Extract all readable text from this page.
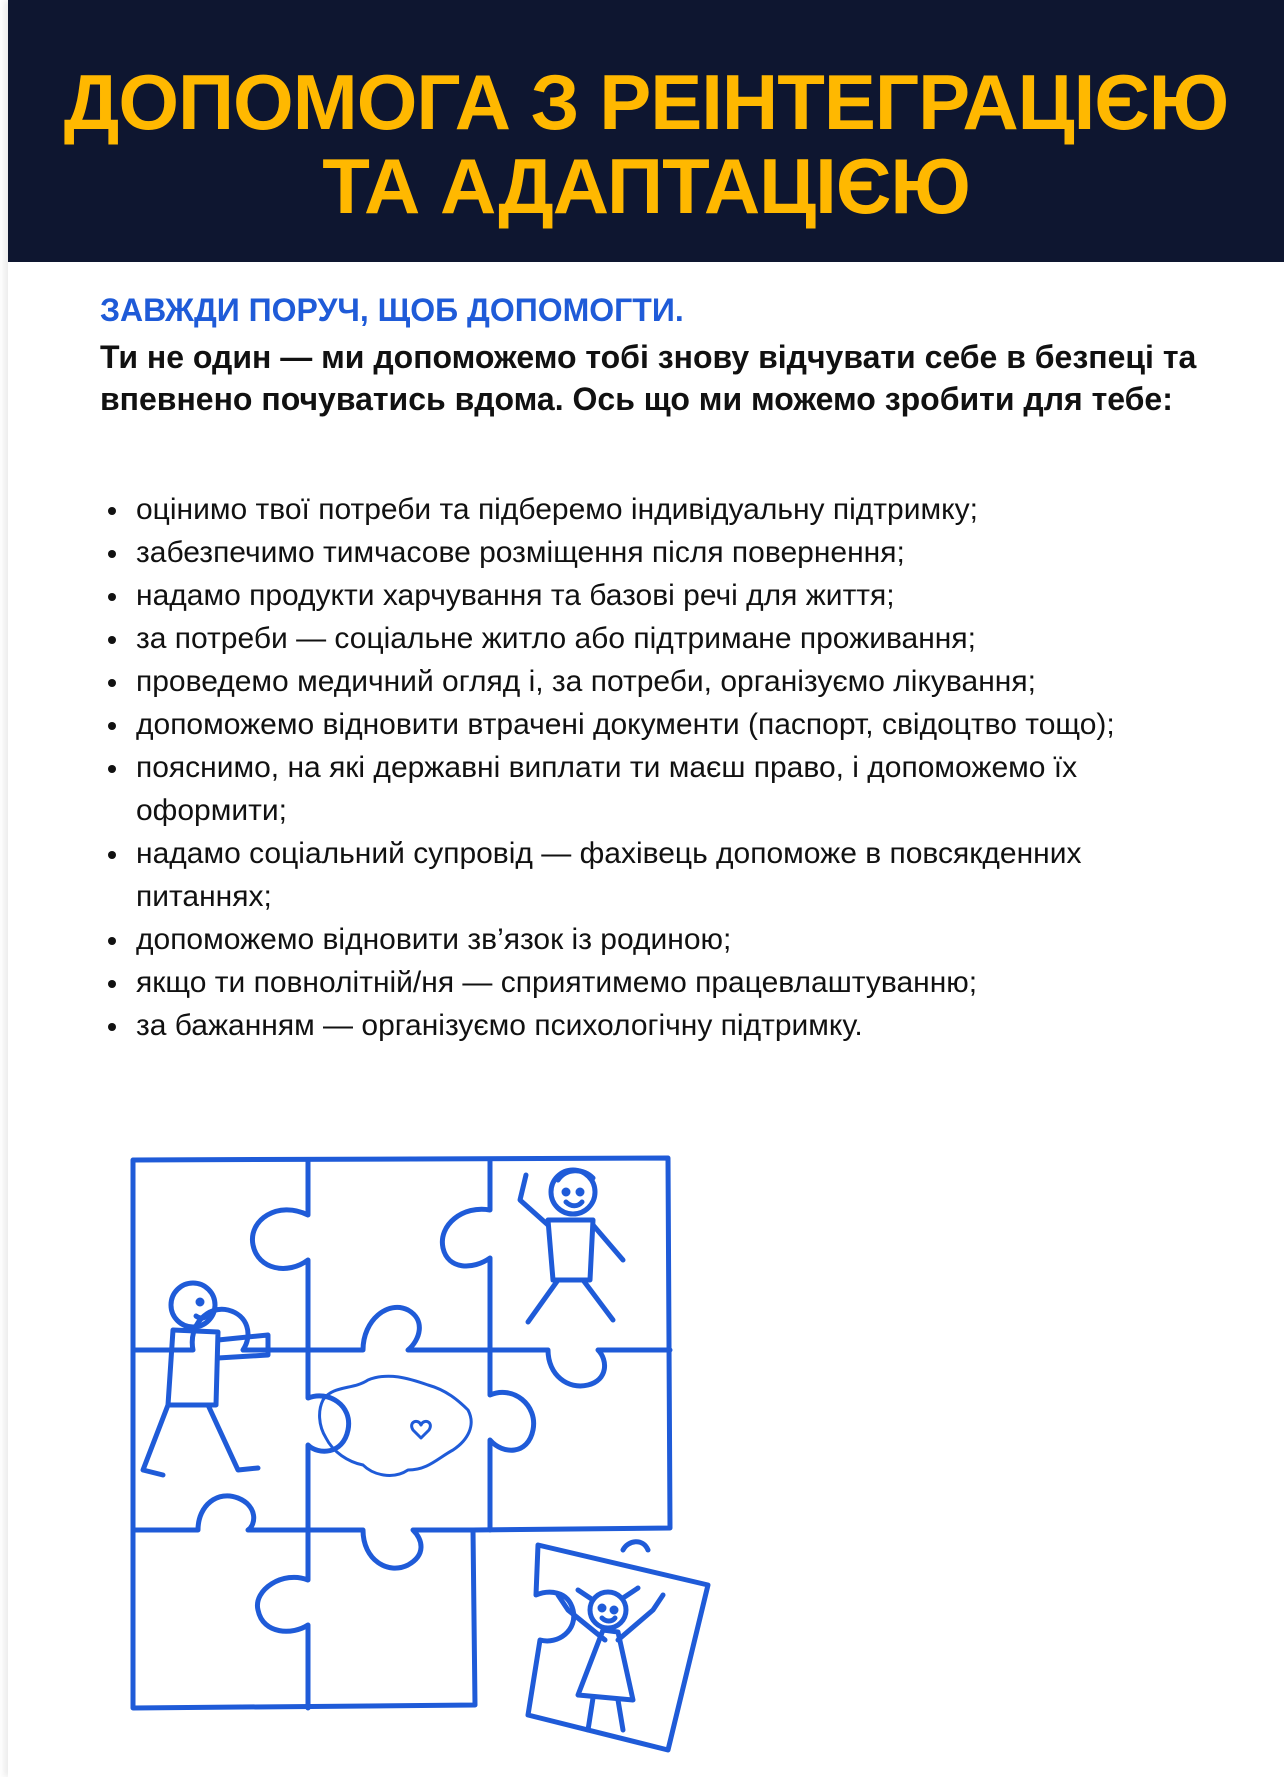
ДОПОМОГА З РЕІНТЕГРАЦІЄЮ
ТА АДАПТАЦІЄЮ

ЗАВЖДИ ПОРУЧ, ЩОБ ДОПОМОГТИ.

Ти не один — ми допоможемо тобі знову відчувати себе в безпеці та впевнено почуватись вдома. Ось що ми можемо зробити для тебе:

оцінимо твої потреби та підберемо індивідуальну підтримку;
забезпечимо тимчасове розміщення після повернення;
надамо продукти харчування та базові речі для життя;
за потреби — соціальне житло або підтримане проживання;
проведемо медичний огляд і, за потреби, організуємо лікування;
допоможемо відновити втрачені документи (паспорт, свідоцтво тощо);
пояснимо, на які державні виплати ти маєш право, і допоможемо їх оформити;
надамо соціальний супровід — фахівець допоможе в повсякденних питаннях;
допоможемо відновити зв’язок із родиною;
якщо ти повнолітній/ня — сприятимемо працевлаштуванню;
за бажанням — організуємо психологічну підтримку.
